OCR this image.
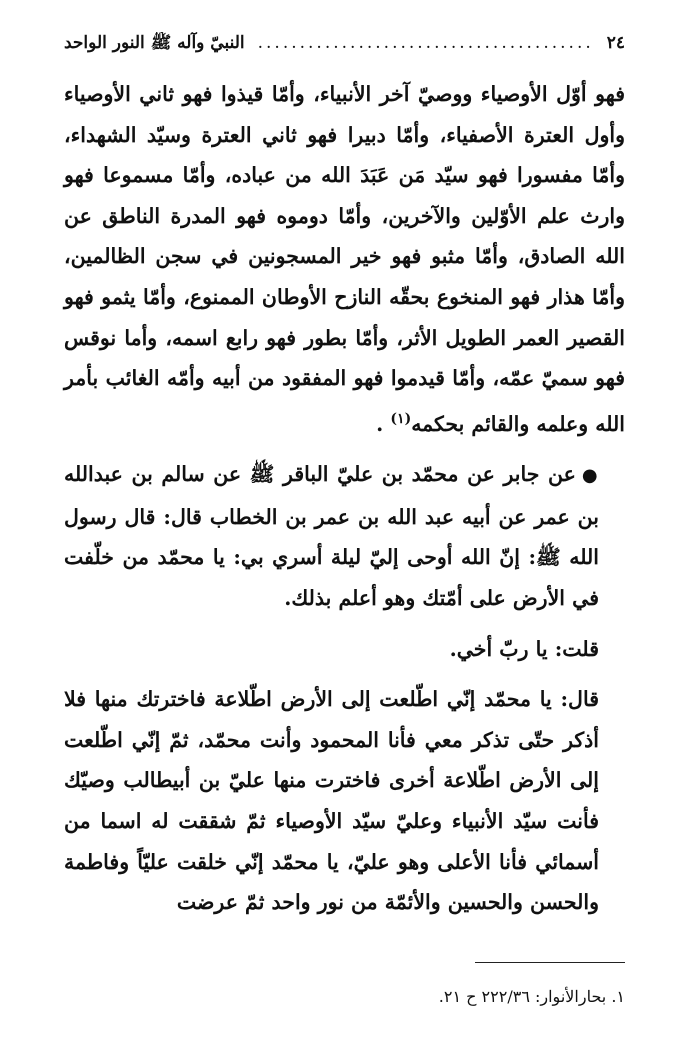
٢٤
........................................
النبيّ وآله ﷺ النور الواحد

فهو أوّل الأوصياء ووصيّ آخر الأنبياء، وأمّا قيذوا فهو ثاني الأوصياء وأول العترة الأصفياء، وأمّا دبيرا فهو ثاني العترة وسيّد الشهداء، وأمّا مفسورا فهو سيّد مَن عَبَدَ الله من عباده، وأمّا مسموعا فهو وارث علم الأوّلين والآخرين، وأمّا دوموه فهو المدرة الناطق عن الله الصادق، وأمّا مثبو فهو خير المسجونين في سجن الظالمين، وأمّا هذار فهو المنخوع بحقّه النازح الأوطان الممنوع، وأمّا يثمو فهو القصير العمر الطويل الأثر، وأمّا بطور فهو رابع اسمه، وأما نوقس فهو سميّ عمّه، وأمّا قيدموا فهو المفقود من أبيه وأمّه الغائب بأمر الله وعلمه والقائم بحكمه$^{(١)}$ .

●عن جابر عن محمّد بن عليّ الباقر ﷺ عن سالم بن عبدالله بن عمر عن أبيه عبد الله بن عمر بن الخطاب قال: قال رسول الله ﷺ: إنّ الله أوحى إليّ ليلة أسري بي: يا محمّد من خلّفت في الأرض على أمّتك وهو أعلم بذلك.

قلت: يا ربّ أخي.

قال: يا محمّد إنّي اطّلعت إلى الأرض اطّلاعة فاخترتك منها فلا أذكر حتّى تذكر معي فأنا المحمود وأنت محمّد، ثمّ إنّي اطّلعت إلى الأرض اطّلاعة أخرى فاخترت منها عليّ بن أبيطالب وصيّك فأنت سيّد الأنبياء وعليّ سيّد الأوصياء ثمّ شققت له اسما من أسمائي فأنا الأعلى وهو عليّ، يا محمّد إنّي خلقت عليّاً وفاطمة والحسن والحسين والأئمّة من نور واحد ثمّ عرضت

١. بحارالأنوار: ٢٢٢/٣٦ ح ٢١.
